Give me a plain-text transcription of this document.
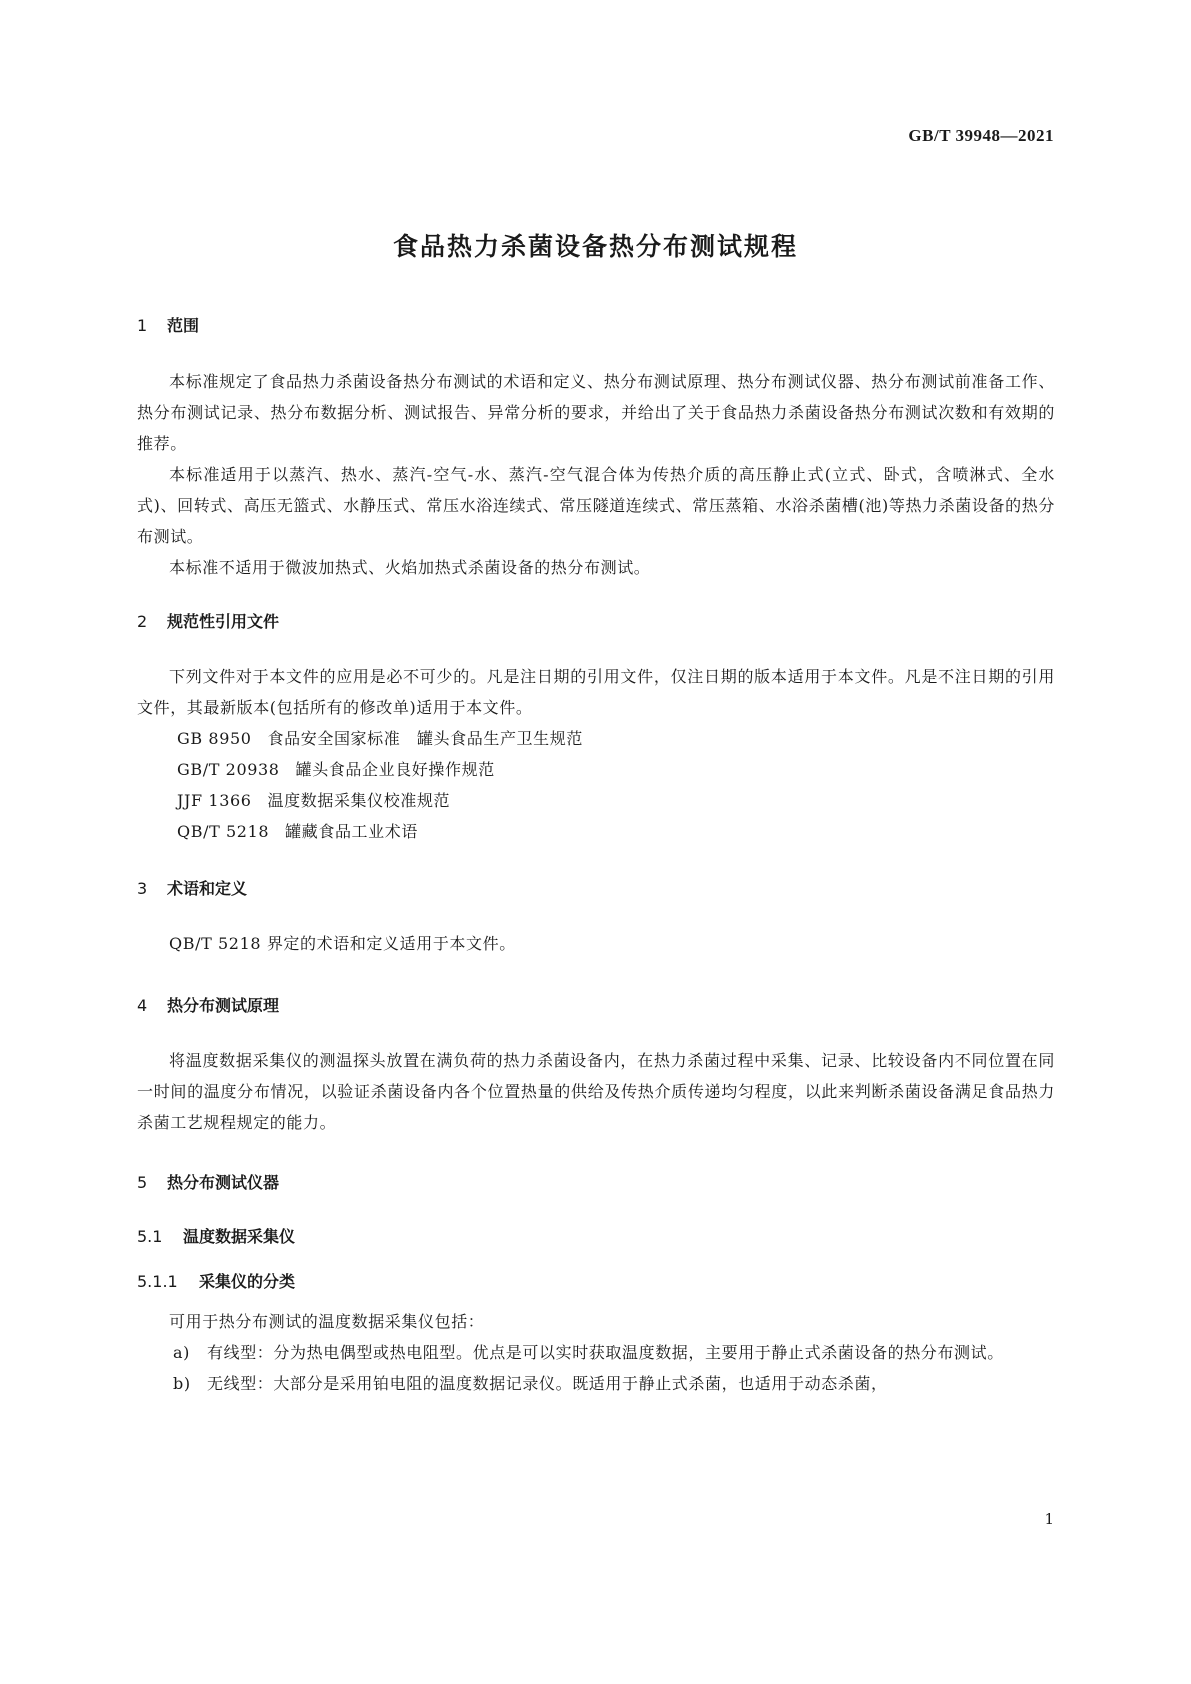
GB/T 39948—2021
食品热力杀菌设备热分布测试规程
1 范围
本标准规定了食品热力杀菌设备热分布测试的术语和定义、热分布测试原理、热分布测试仪器、热分布测试前准备工作、热分布测试记录、热分布数据分析、测试报告、异常分析的要求，并给出了关于食品热力杀菌设备热分布测试次数和有效期的推荐。
本标准适用于以蒸汽、热水、蒸汽-空气-水、蒸汽-空气混合体为传热介质的高压静止式(立式、卧式，含喷淋式、全水式)、回转式、高压无篮式、水静压式、常压水浴连续式、常压隧道连续式、常压蒸箱、水浴杀菌槽(池)等热力杀菌设备的热分布测试。
本标准不适用于微波加热式、火焰加热式杀菌设备的热分布测试。
2 规范性引用文件
下列文件对于本文件的应用是必不可少的。凡是注日期的引用文件，仅注日期的版本适用于本文件。凡是不注日期的引用文件，其最新版本(包括所有的修改单)适用于本文件。
GB 8950 食品安全国家标准　罐头食品生产卫生规范
GB/T 20938 罐头食品企业良好操作规范
JJF 1366 温度数据采集仪校准规范
QB/T 5218 罐藏食品工业术语
3 术语和定义
QB/T 5218 界定的术语和定义适用于本文件。
4 热分布测试原理
将温度数据采集仪的测温探头放置在满负荷的热力杀菌设备内，在热力杀菌过程中采集、记录、比较设备内不同位置在同一时间的温度分布情况，以验证杀菌设备内各个位置热量的供给及传热介质传递均匀程度，以此来判断杀菌设备满足食品热力杀菌工艺规程规定的能力。
5 热分布测试仪器
5.1 温度数据采集仪
5.1.1 采集仪的分类
可用于热分布测试的温度数据采集仪包括：
a)	有线型：分为热电偶型或热电阻型。优点是可以实时获取温度数据，主要用于静止式杀菌设备的热分布测试。
b)	无线型：大部分是采用铂电阻的温度数据记录仪。既适用于静止式杀菌，也适用于动态杀菌，
1
